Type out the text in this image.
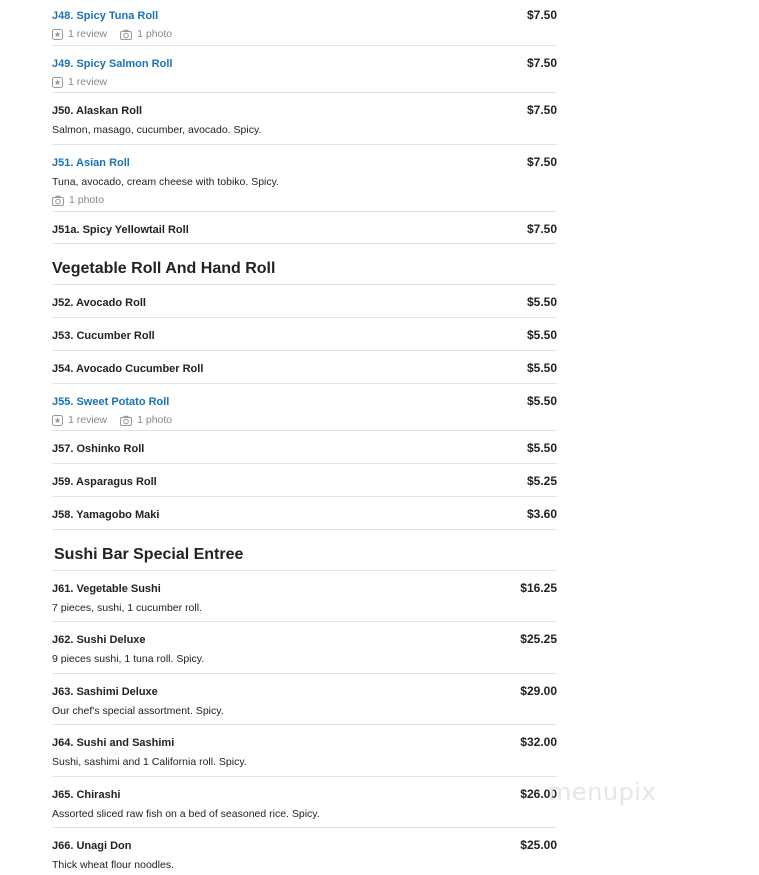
J48. Spicy Tuna Roll	$7.50
1 review	1 photo
J49. Spicy Salmon Roll	$7.50
1 review
J50. Alaskan Roll	$7.50
Salmon, masago, cucumber, avocado. Spicy.
J51. Asian Roll	$7.50
Tuna, avocado, cream cheese with tobiko. Spicy.
1 photo
J51a. Spicy Yellowtail Roll	$7.50
Vegetable Roll And Hand Roll
J52. Avocado Roll	$5.50
J53. Cucumber Roll	$5.50
J54. Avocado Cucumber Roll	$5.50
J55. Sweet Potato Roll	$5.50
1 review	1 photo
J57. Oshinko Roll	$5.50
J59. Asparagus Roll	$5.25
J58. Yamagobo Maki	$3.60
Sushi Bar Special Entree
J61. Vegetable Sushi	$16.25
7 pieces, sushi, 1 cucumber roll.
J62. Sushi Deluxe	$25.25
9 pieces sushi, 1 tuna roll. Spicy.
J63. Sashimi Deluxe	$29.00
Our chef's special assortment. Spicy.
J64. Sushi and Sashimi	$32.00
Sushi, sashimi and 1 California roll. Spicy.
J65. Chirashi	$26.00
Assorted sliced raw fish on a bed of seasoned rice. Spicy.
J66. Unagi Don	$25.00
Thick wheat flour noodles.
menupix
